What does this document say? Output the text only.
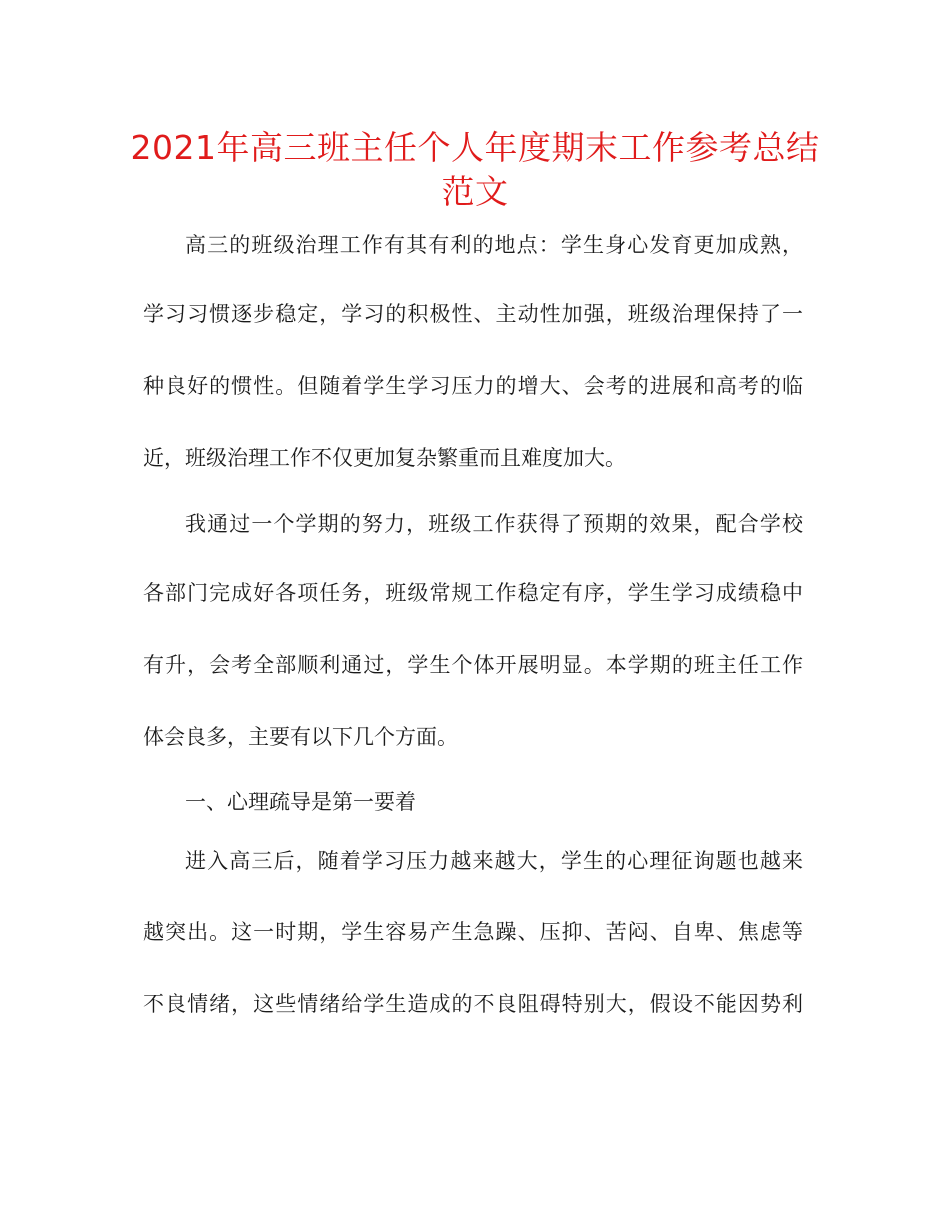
2021年高三班主任个人年度期末工作参考总结
范文

高三的班级治理工作有其有利的地点：学生身心发育更加成熟，

学习习惯逐步稳定，学习的积极性、主动性加强，班级治理保持了一

种良好的惯性。但随着学生学习压力的增大、会考的进展和高考的临

近，班级治理工作不仅更加复杂繁重而且难度加大。

我通过一个学期的努力，班级工作获得了预期的效果，配合学校

各部门完成好各项任务，班级常规工作稳定有序，学生学习成绩稳中

有升，会考全部顺利通过，学生个体开展明显。本学期的班主任工作

体会良多，主要有以下几个方面。

一、心理疏导是第一要着

进入高三后，随着学习压力越来越大，学生的心理征询题也越来

越突出。这一时期，学生容易产生急躁、压抑、苦闷、自卑、焦虑等

不良情绪，这些情绪给学生造成的不良阻碍特别大，假设不能因势利
